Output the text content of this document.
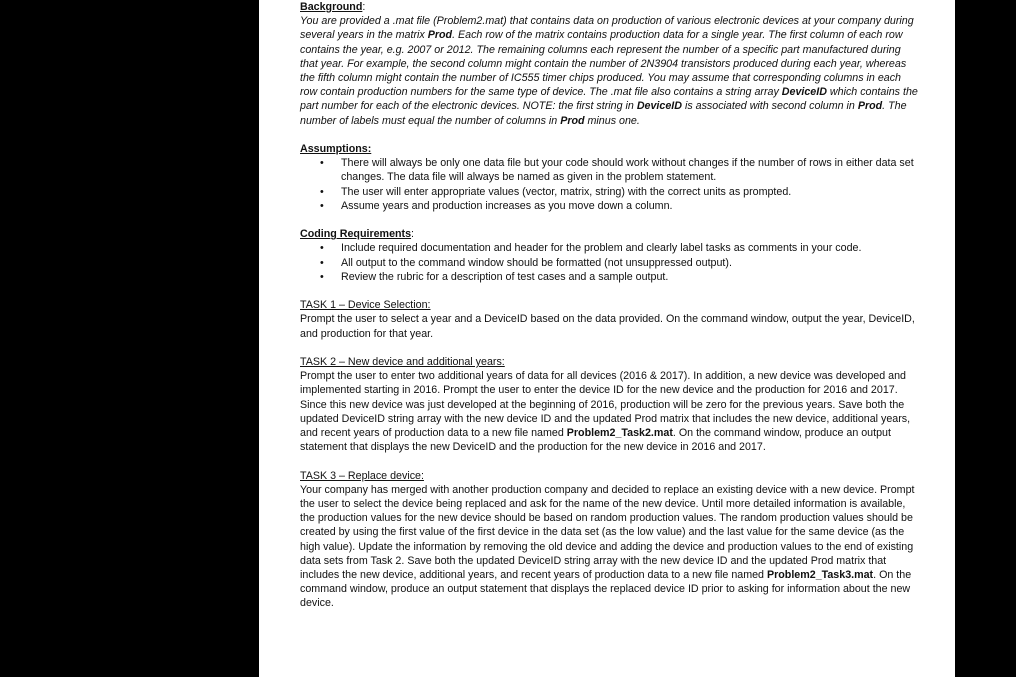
Background:

You are provided a .mat file (Problem2.mat) that contains data on production of various electronic devices at your company during several years in the matrix Prod. Each row of the matrix contains production data for a single year. The first column of each row contains the year, e.g. 2007 or 2012. The remaining columns each represent the number of a specific part manufactured during that year. For example, the second column might contain the number of 2N3904 transistors produced during each year, whereas the fifth column might contain the number of IC555 timer chips produced. You may assume that corresponding columns in each row contain production numbers for the same type of device. The .mat file also contains a string array DeviceID which contains the part number for each of the electronic devices. NOTE: the first string in DeviceID is associated with second column in Prod. The number of labels must equal the number of columns in Prod minus one.

Assumptions:

• There will always be only one data file but your code should work without changes if the number of rows in either data set changes. The data file will always be named as given in the problem statement.
• The user will enter appropriate values (vector, matrix, string) with the correct units as prompted.
• Assume years and production increases as you move down a column.

Coding Requirements:

• Include required documentation and header for the problem and clearly label tasks as comments in your code.
• All output to the command window should be formatted (not unsuppressed output).
• Review the rubric for a description of test cases and a sample output.

TASK 1 – Device Selection:

Prompt the user to select a year and a DeviceID based on the data provided. On the command window, output the year, DeviceID, and production for that year.

TASK 2 – New device and additional years:

Prompt the user to enter two additional years of data for all devices (2016 & 2017). In addition, a new device was developed and implemented starting in 2016. Prompt the user to enter the device ID for the new device and the production for 2016 and 2017. Since this new device was just developed at the beginning of 2016, production will be zero for the previous years. Save both the updated DeviceID string array with the new device ID and the updated Prod matrix that includes the new device, additional years, and recent years of production data to a new file named Problem2_Task2.mat. On the command window, produce an output statement that displays the new DeviceID and the production for the new device in 2016 and 2017.

TASK 3 – Replace device:

Your company has merged with another production company and decided to replace an existing device with a new device. Prompt the user to select the device being replaced and ask for the name of the new device. Until more detailed information is available, the production values for the new device should be based on random production values. The random production values should be created by using the first value of the first device in the data set (as the low value) and the last value for the same device (as the high value). Update the information by removing the old device and adding the device and production values to the end of existing data sets from Task 2. Save both the updated DeviceID string array with the new device ID and the updated Prod matrix that includes the new device, additional years, and recent years of production data to a new file named Problem2_Task3.mat. On the command window, produce an output statement that displays the replaced device ID prior to asking for information about the new device.
